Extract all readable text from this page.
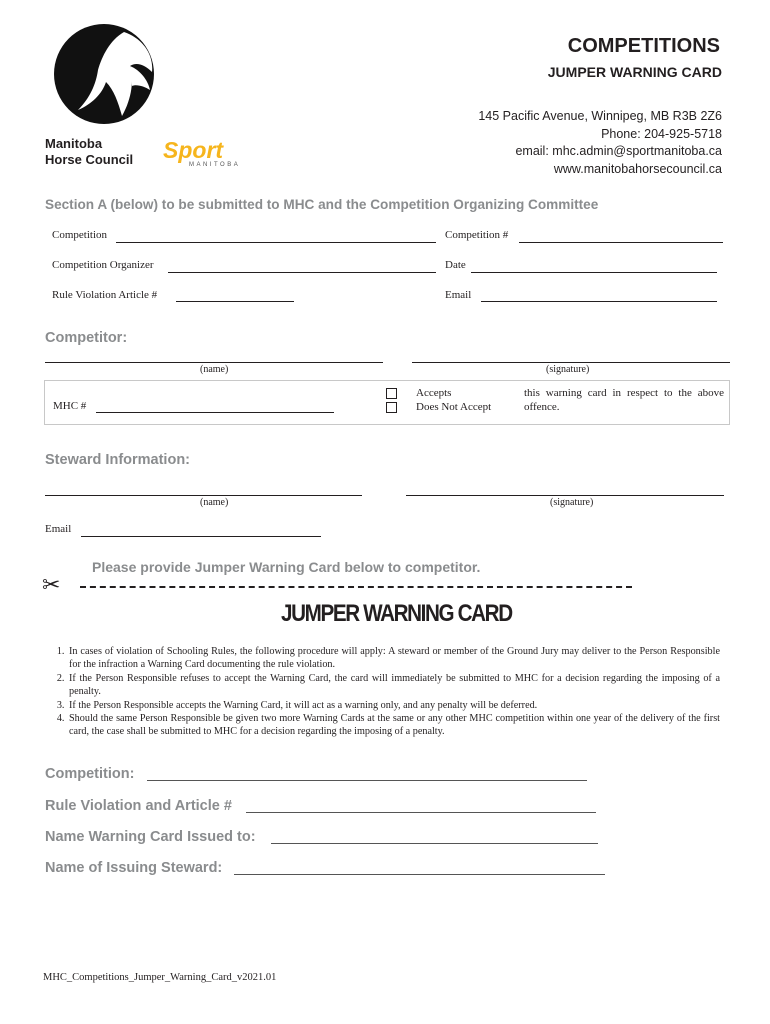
Manitoba
Horse Council Sport
MANITOBA
COMPETITIONS
JUMPER WARNING CARD
145 Pacific Avenue, Winnipeg, MB R3B 2Z6
Phone: 204-925-5718
email: mhc.admin@sportmanitoba.ca
www.manitobahorsecouncil.ca
Section A (below) to be submitted to MHC and the Competition Organizing Committee
Competition	Competition #
Competition Organizer	Date
Rule Violation Article #	Email
Competitor:
(name)	(signature)
MHC #
Accepts
Does Not Accept
this warning card in respect to the above offence.
Steward Information:
(name)	(signature)
Email
Please provide Jumper Warning Card below to competitor.
✂
JUMPER WARNING CARD
1. In cases of violation of Schooling Rules, the following procedure will apply: A steward or member of the Ground Jury may deliver to the Person Responsible for the infraction a Warning Card documenting the rule violation.
2. If the Person Responsible refuses to accept the Warning Card, the card will immediately be submitted to MHC for a decision regarding the imposing of a penalty.
3. If the Person Responsible accepts the Warning Card, it will act as a warning only, and any penalty will be deferred.
4. Should the same Person Responsible be given two more Warning Cards at the same or any other MHC competition within one year of the delivery of the first card, the case shall be submitted to MHC for a decision regarding the imposing of a penalty.
Competition:
Rule Violation and Article #
Name Warning Card Issued to:
Name of Issuing Steward:
MHC_Competitions_Jumper_Warning_Card_v2021.01
